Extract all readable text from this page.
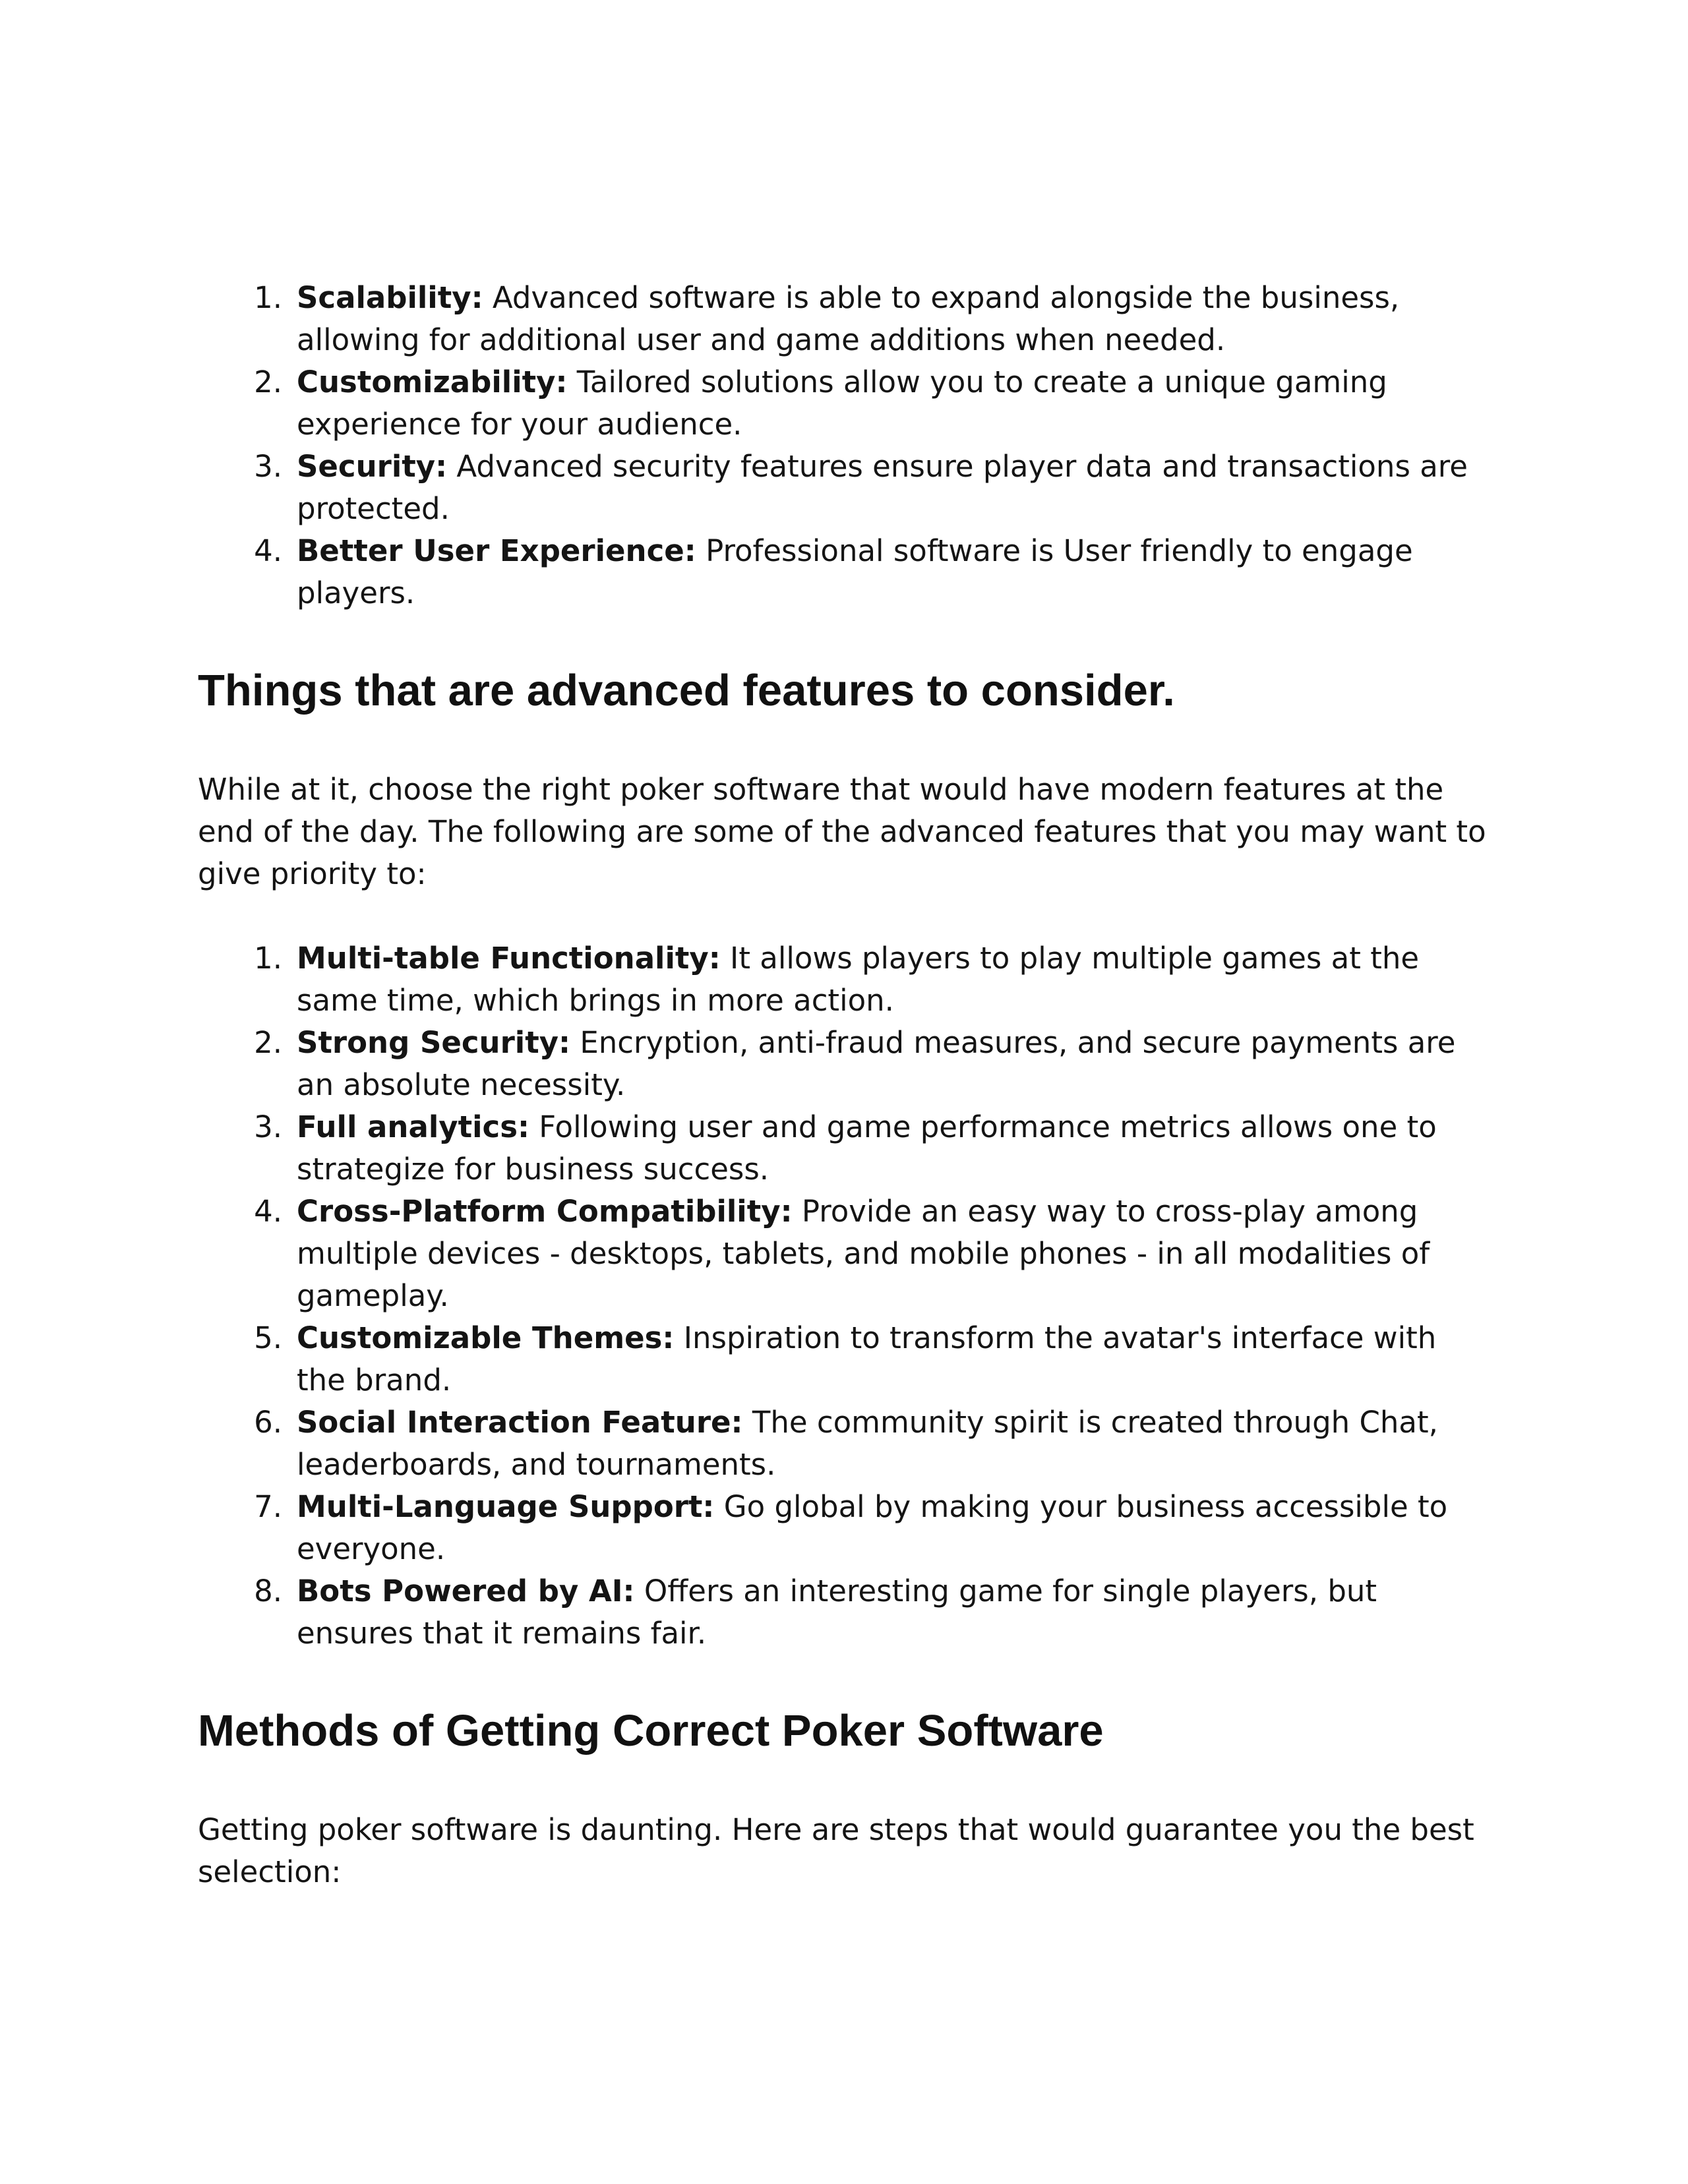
1. Scalability: Advanced software is able to expand alongside the business, allowing for additional user and game additions when needed.
2. Customizability: Tailored solutions allow you to create a unique gaming experience for your audience.
3. Security: Advanced security features ensure player data and transactions are protected.
4. Better User Experience: Professional software is User friendly to engage players.
Things that are advanced features to consider.

While at it, choose the right poker software that would have modern features at the end of the day. The following are some of the advanced features that you may want to give priority to:

1. Multi-table Functionality: It allows players to play multiple games at the same time, which brings in more action.
2. Strong Security: Encryption, anti-fraud measures, and secure payments are an absolute necessity.
3. Full analytics: Following user and game performance metrics allows one to strategize for business success.
4. Cross-Platform Compatibility: Provide an easy way to cross-play among multiple devices - desktops, tablets, and mobile phones - in all modalities of gameplay.
5. Customizable Themes: Inspiration to transform the avatar's interface with the brand.
6. Social Interaction Feature: The community spirit is created through Chat, leaderboards, and tournaments.
7. Multi-Language Support: Go global by making your business accessible to everyone.
8. Bots Powered by AI: Offers an interesting game for single players, but ensures that it remains fair.
Methods of Getting Correct Poker Software

Getting poker software is daunting. Here are steps that would guarantee you the best selection:
